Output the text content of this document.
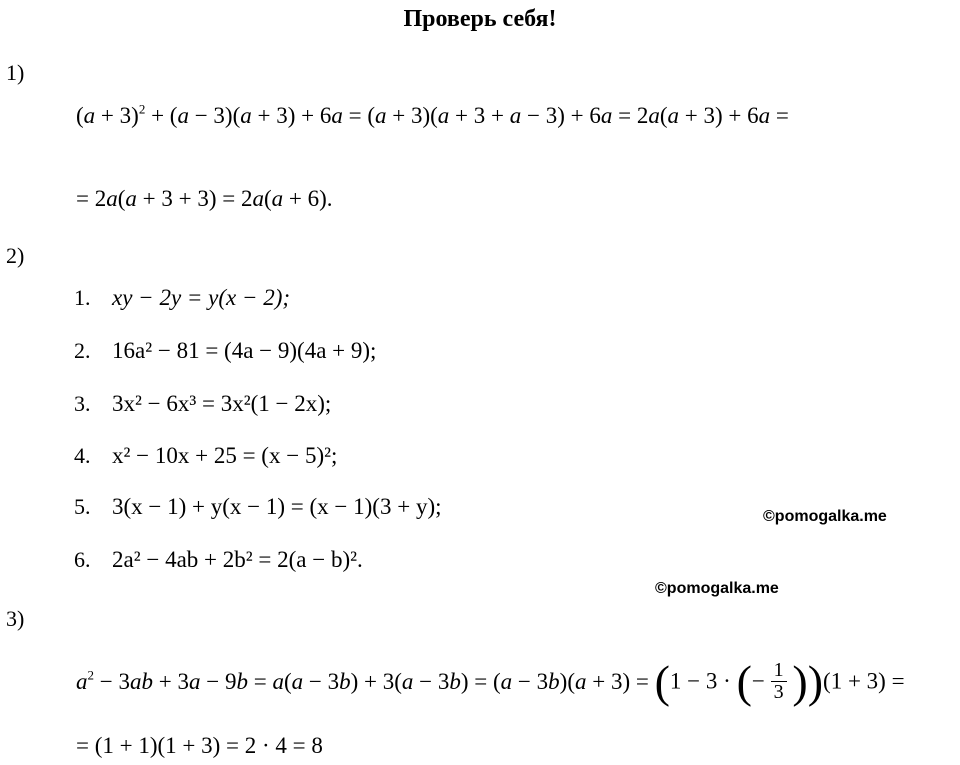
Проверь себя!
1)
$(a + 3)^2 + (a - 3)(a + 3) + 6a = (a + 3)(a + 3 + a - 3) + 6a = 2a(a + 3) + 6a$ =
= 2a(a + 3 + 3) = 2a(a + 6).
2)
1. xy − 2y = y(x − 2);
2. 16a² − 81 = (4a − 9)(4a + 9);
3. 3x² − 6x³ = 3x²(1 − 2x);
4. x² − 10x + 25 = (x − 5)²;
5. 3(x − 1) + y(x − 1) = (x − 1)(3 + y);
6. 2a² − 4ab + 2b² = 2(a − b)².
©pomogalka.me
©pomogalka.me
3)
$a^2 - 3ab + 3a - 9b = a(a - 3b) + 3(a - 3b) = (a - 3b)(a + 3) = (1 - 3$ · (− $\frac{1}{3} ))(1 + 3)$ =
= (1 + 1)(1 + 3) = 2 · 4 = 8
